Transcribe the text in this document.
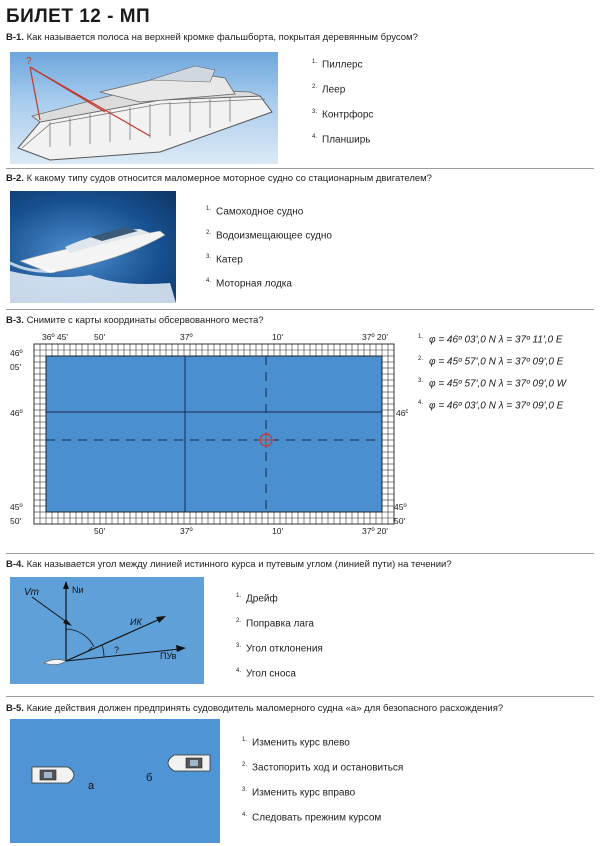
БИЛЕТ 12 - МП
В-1. Как называется полоса на верхней кромке фальшборта, покрытая деревянным брусом?
?	$^{1.}$ Пиллерс
$^{2.}$ Леер
$^{3.}$ Контрфорс
$^{4.}$ Планширь
В-2. К какому типу судов относится маломерное моторное судно со стационарным двигателем?
$^{1.}$ Самоходное судно
$^{2.}$ Водоизмещающее судно
$^{3.}$ Катер
$^{4.}$ Моторная лодка
В-3. Снимите с карты координаты обсервованного места?
36º 45'	50'	37º	10'	37º 20'
50'	37º	10'	37º 20'
46º
05'
46º
45º
50'
46º
45º
50'
$^{1.}$ φ = 46º 03',0 N λ = 37º 11',0 E
$^{2.}$ φ = 45º 57',0 N λ = 37º 09',0 E
$^{3.}$ φ = 45º 57',0 N λ = 37º 09',0 W
$^{4.}$ φ = 46º 03',0 N λ = 37º 09',0 E
В-4. Как называется угол между линией истинного курса и путевым углом (линией пути) на течении?
Vт	Nи
ИК
ПУв
?
$^{1.}$ Дрейф
$^{2.}$ Поправка лага
$^{3.}$ Угол отклонения
$^{4.}$ Угол сноса
В-5. Какие действия должен предпринять судоводитель маломерного судна «а» для безопасного расхождения?
а
б
$^{1.}$ Изменить курс влево
$^{2.}$ Застопорить ход и остановиться
$^{3.}$ Изменить курс вправо
$^{4.}$ Следовать прежним курсом
